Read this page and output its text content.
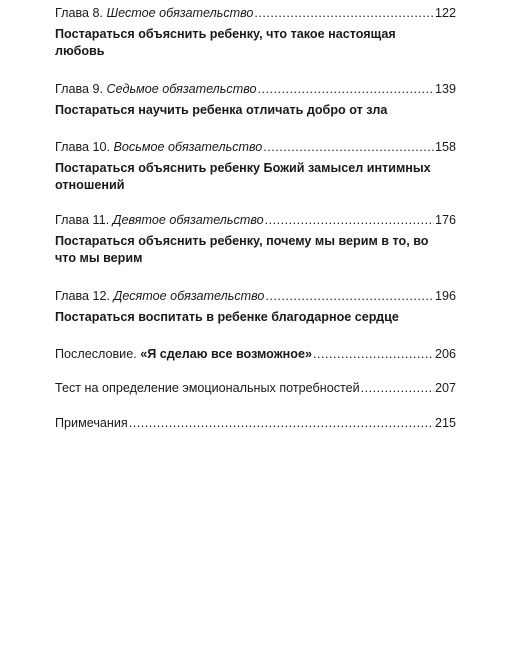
Глава 8. Шестое обязательство .....	122
Постараться объяснить ребенку, что такое настоящая любовь
Глава 9. Седьмое обязательство .....	139
Постараться научить ребенка отличать добро от зла
Глава 10. Восьмое обязательство .....	158
Постараться объяснить ребенку Божий замысел интимных отношений
Глава 11. Девятое обязательство .....	176
Постараться объяснить ребенку, почему мы верим в то, во что мы верим
Глава 12. Десятое обязательство .....	196
Постараться воспитать в ребенке благодарное сердце
Послесловие. «Я сделаю все возможное» .....	206
Тест на определение эмоциональных потребностей .....	207
Примечания .....	215
